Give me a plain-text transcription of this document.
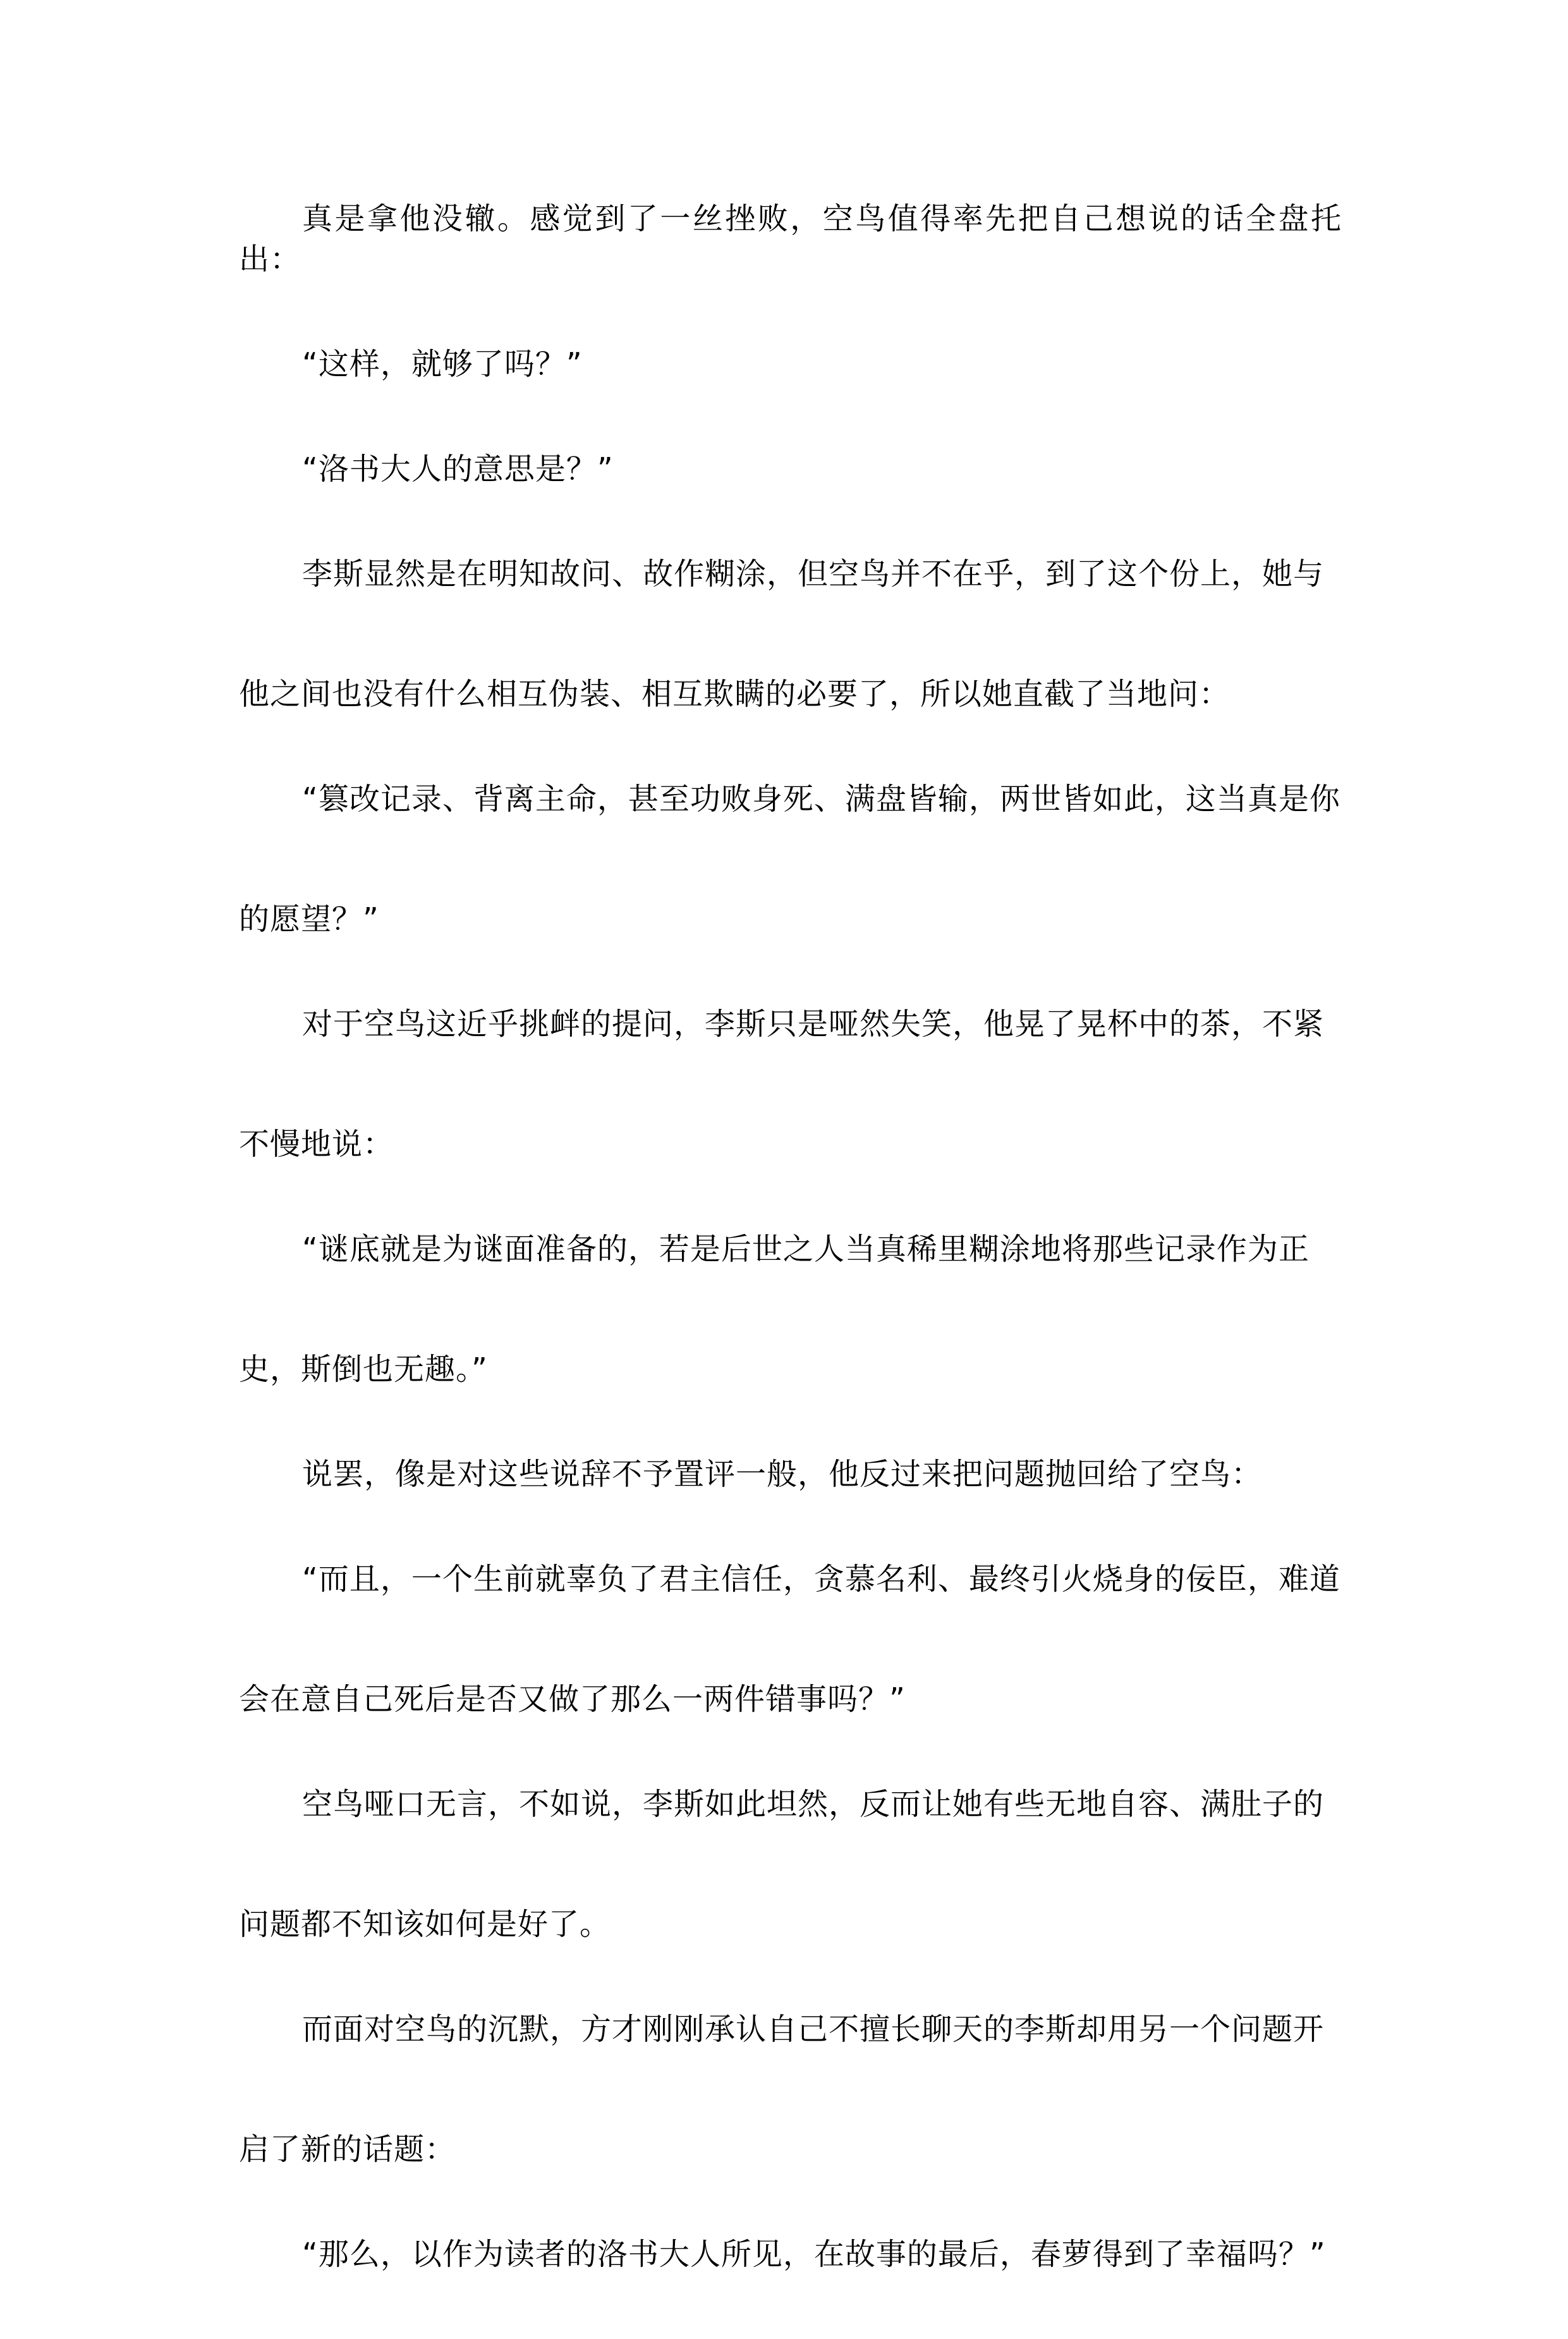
真是拿他没辙。感觉到了一丝挫败，空鸟值得率先把自己想说的话全盘托出：

“这样，就够了吗？”

“洛书大人的意思是？”

李斯显然是在明知故问、故作糊涂，但空鸟并不在乎，到了这个份上，她与
他之间也没有什么相互伪装、相互欺瞒的必要了，所以她直截了当地问：

“篡改记录、背离主命，甚至功败身死、满盘皆输，两世皆如此，这当真是你
的愿望？”

对于空鸟这近乎挑衅的提问，李斯只是哑然失笑，他晃了晃杯中的茶，不紧
不慢地说：

“谜底就是为谜面准备的，若是后世之人当真稀里糊涂地将那些记录作为正
史，斯倒也无趣。”

说罢，像是对这些说辞不予置评一般，他反过来把问题抛回给了空鸟：

“而且，一个生前就辜负了君主信任，贪慕名利、最终引火烧身的佞臣，难道
会在意自己死后是否又做了那么一两件错事吗？”

空鸟哑口无言，不如说，李斯如此坦然，反而让她有些无地自容、满肚子的
问题都不知该如何是好了。

而面对空鸟的沉默，方才刚刚承认自己不擅长聊天的李斯却用另一个问题开
启了新的话题：

“那么，以作为读者的洛书大人所见，在故事的最后，春萝得到了幸福吗？”
